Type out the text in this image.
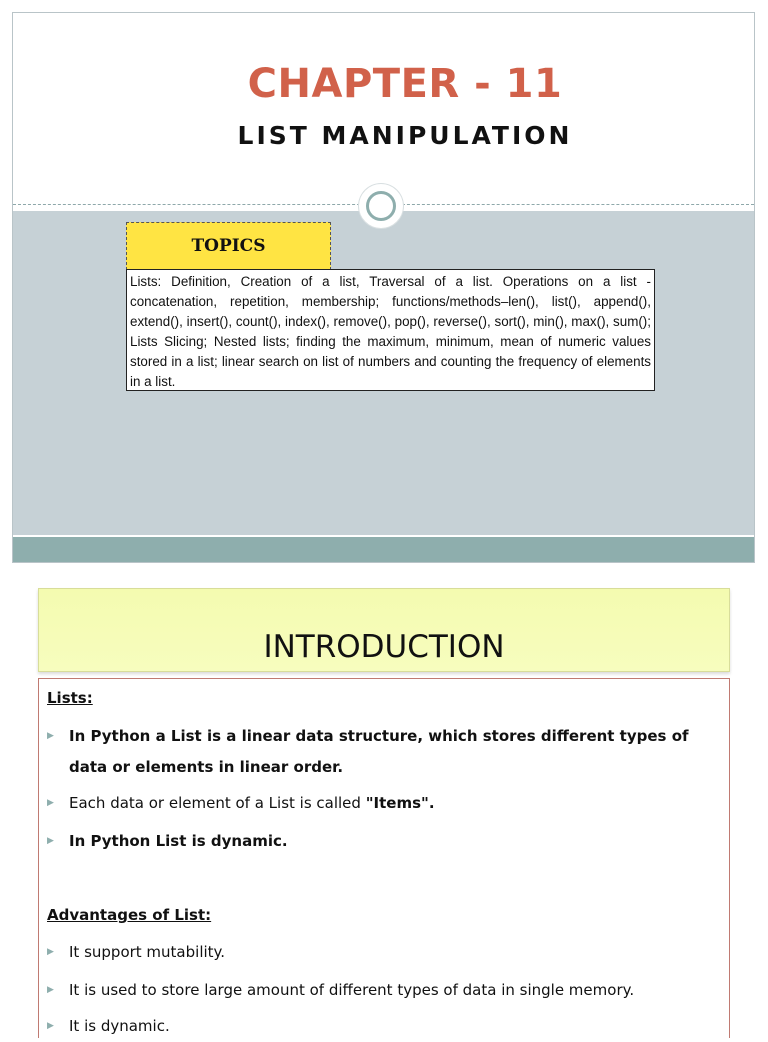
CHAPTER - 11
LIST MANIPULATION
TOPICS
Lists: Definition, Creation of a list, Traversal of a list. Operations on a list - concatenation, repetition, membership; functions/methods–len(), list(), append(), extend(), insert(), count(), index(), remove(), pop(), reverse(), sort(), min(), max(), sum(); Lists Slicing; Nested lists; finding the maximum, minimum, mean of numeric values stored in a list; linear search on list of numbers and counting the frequency of elements in a list.
INTRODUCTION
Lists:
▶ In Python a List is a linear data structure, which stores different types of data or elements in linear order.
▶ Each data or element of a List is called "Items".
▶ In Python List is dynamic.
Advantages of List:
▶ It support mutability.
▶ It is used to store large amount of different types of data in single memory.
▶ It is dynamic.
